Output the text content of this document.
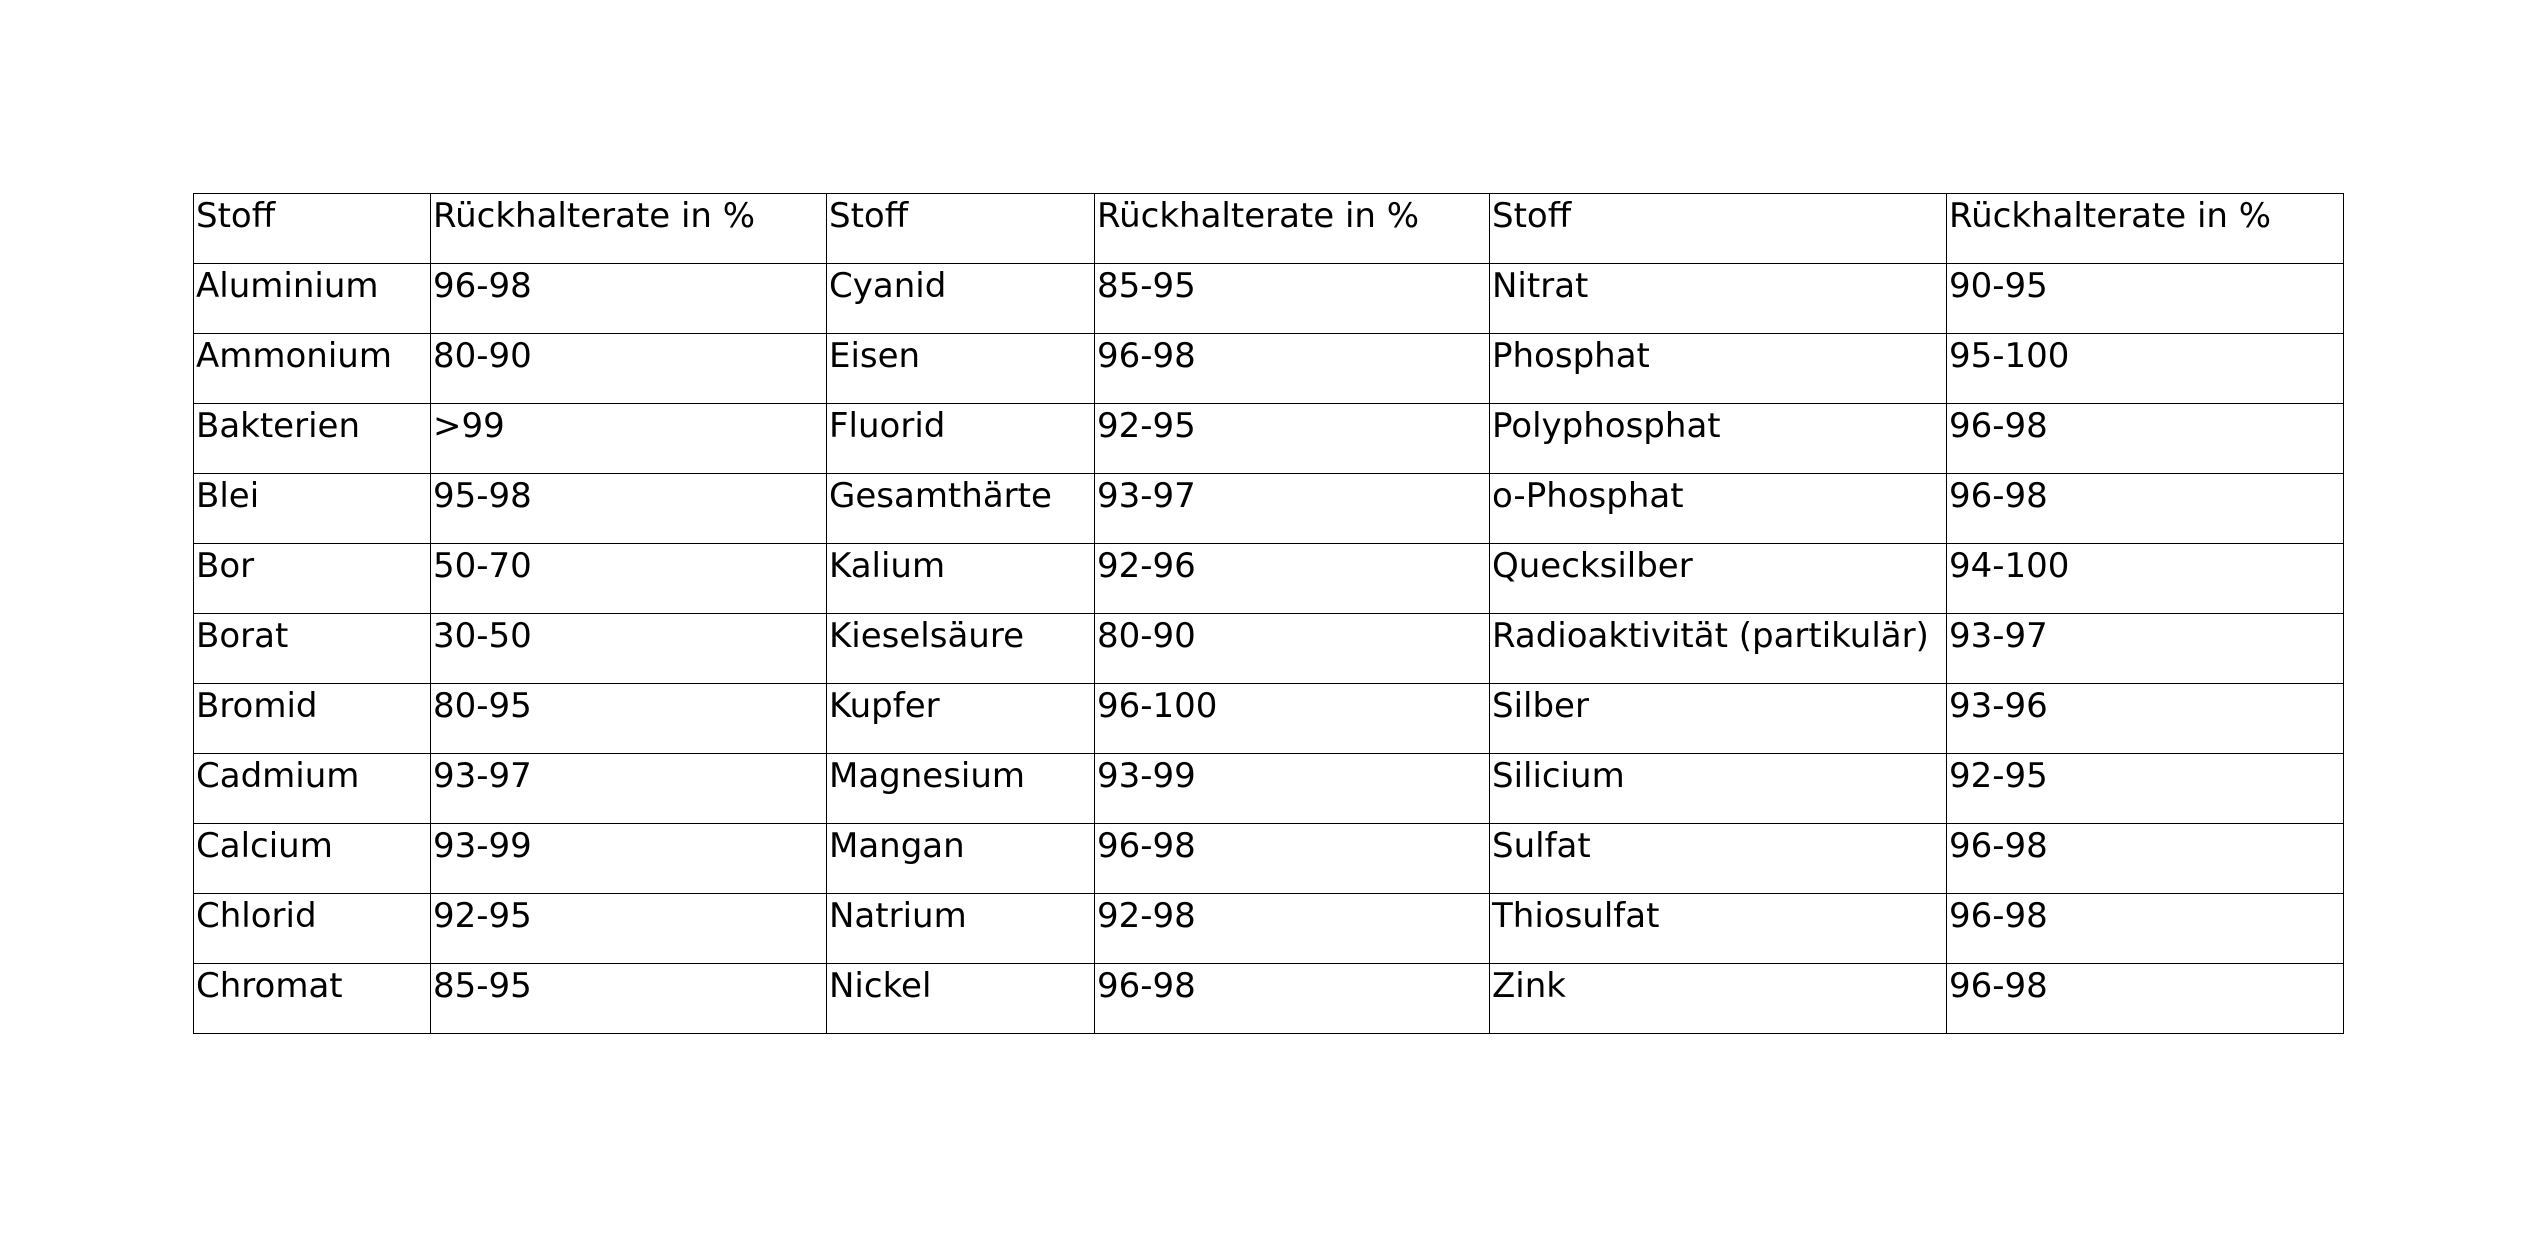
Stoff	Rückhalterate in %	Stoff	Rückhalterate in %	Stoff	Rückhalterate in %
Aluminium	96-98	Cyanid	85-95	Nitrat	90-95
Ammonium	80-90	Eisen	96-98	Phosphat	95-100
Bakterien	>99	Fluorid	92-95	Polyphosphat	96-98
Blei	95-98	Gesamthärte	93-97	o-Phosphat	96-98
Bor	50-70	Kalium	92-96	Quecksilber	94-100
Borat	30-50	Kieselsäure	80-90	Radioaktivität (partikulär)	93-97
Bromid	80-95	Kupfer	96-100	Silber	93-96
Cadmium	93-97	Magnesium	93-99	Silicium	92-95
Calcium	93-99	Mangan	96-98	Sulfat	96-98
Chlorid	92-95	Natrium	92-98	Thiosulfat	96-98
Chromat	85-95	Nickel	96-98	Zink	96-98
